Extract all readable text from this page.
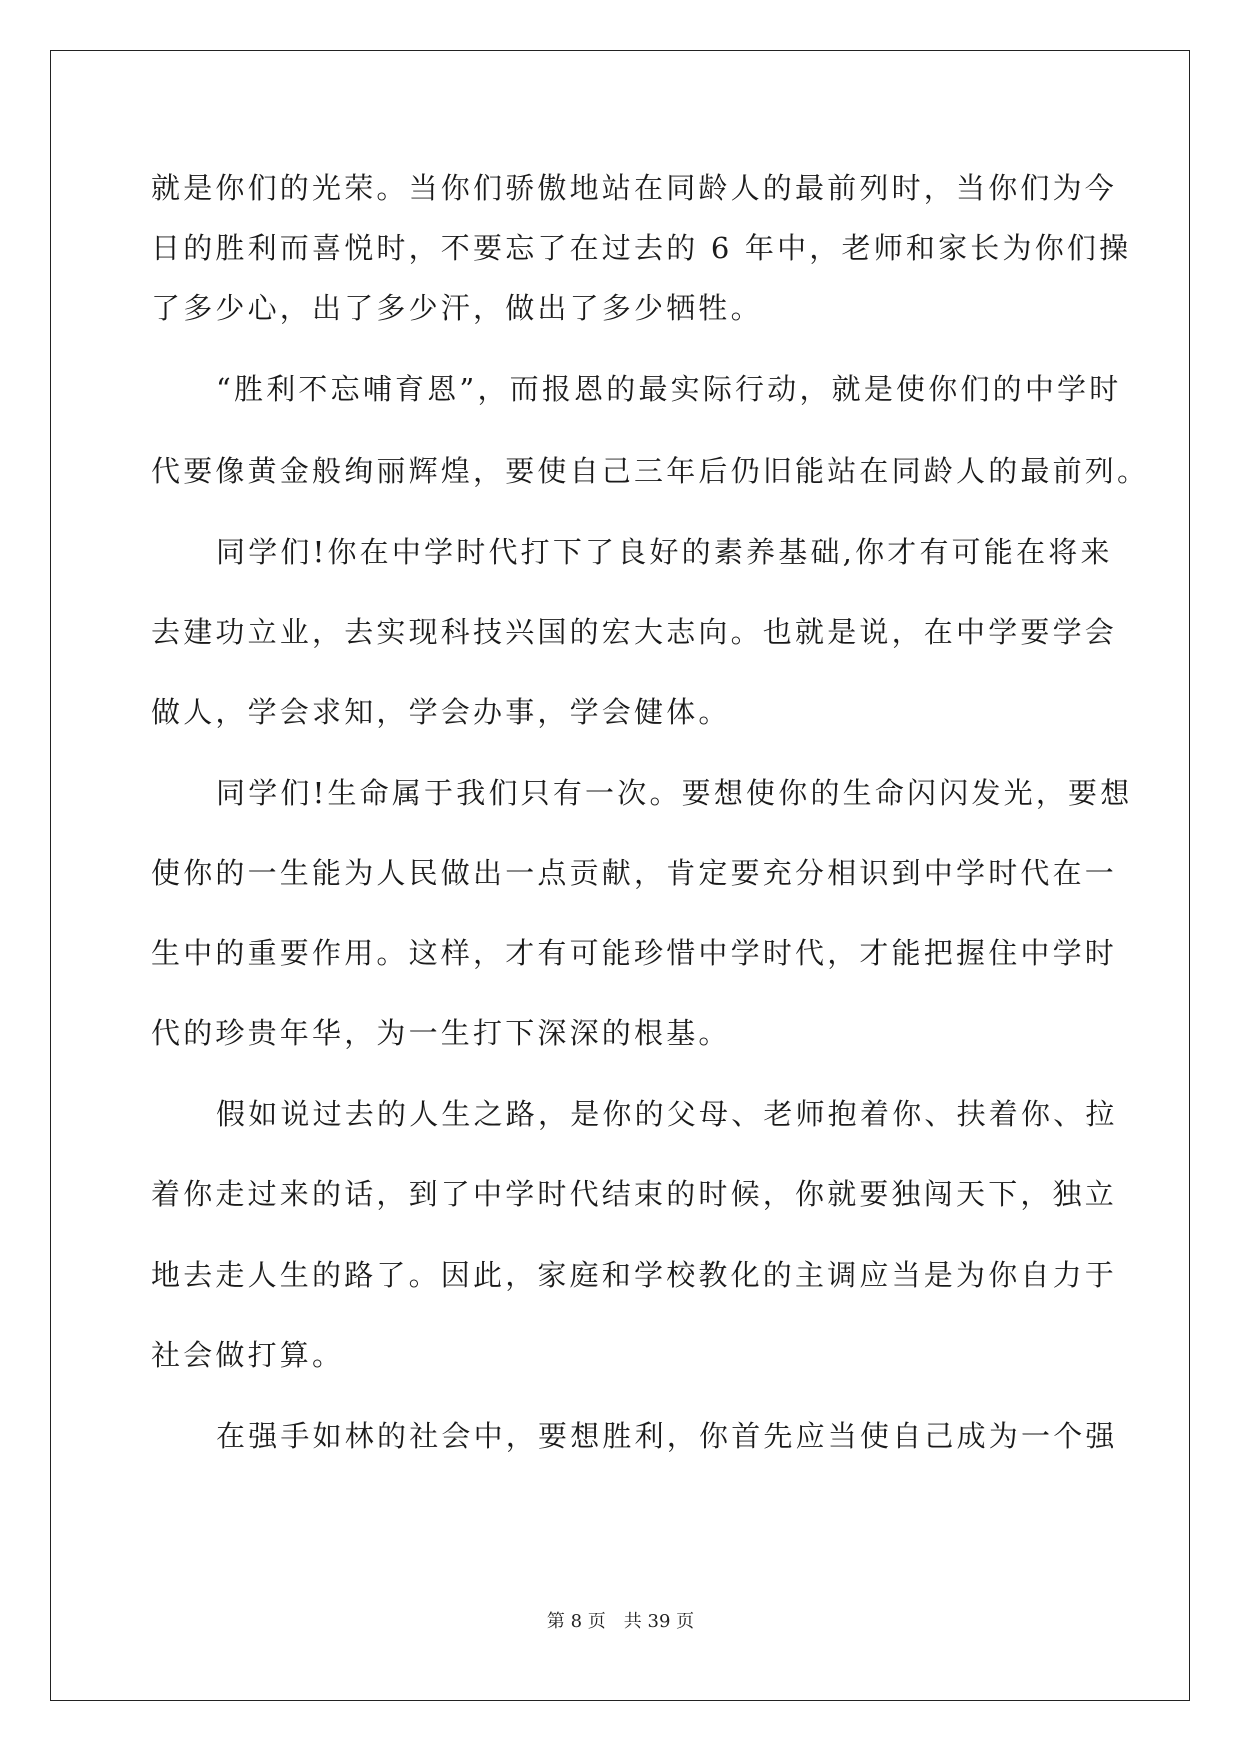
就是你们的光荣。当你们骄傲地站在同龄人的最前列时，当你们为今
日的胜利而喜悦时，不要忘了在过去的 6 年中，老师和家长为你们操
了多少心，出了多少汗，做出了多少牺牲。
“胜利不忘哺育恩”，而报恩的最实际行动，就是使你们的中学时
代要像黄金般绚丽辉煌，要使自己三年后仍旧能站在同龄人的最前列。
同学们!你在中学时代打下了良好的素养基础,你才有可能在将来
去建功立业，去实现科技兴国的宏大志向。也就是说，在中学要学会
做人，学会求知，学会办事，学会健体。
同学们!生命属于我们只有一次。要想使你的生命闪闪发光，要想
使你的一生能为人民做出一点贡献，肯定要充分相识到中学时代在一
生中的重要作用。这样，才有可能珍惜中学时代，才能把握住中学时
代的珍贵年华，为一生打下深深的根基。
假如说过去的人生之路，是你的父母、老师抱着你、扶着你、拉
着你走过来的话，到了中学时代结束的时候，你就要独闯天下，独立
地去走人生的路了。因此，家庭和学校教化的主调应当是为你自力于
社会做打算。
在强手如林的社会中，要想胜利，你首先应当使自己成为一个强
第 8 页 共 39 页
